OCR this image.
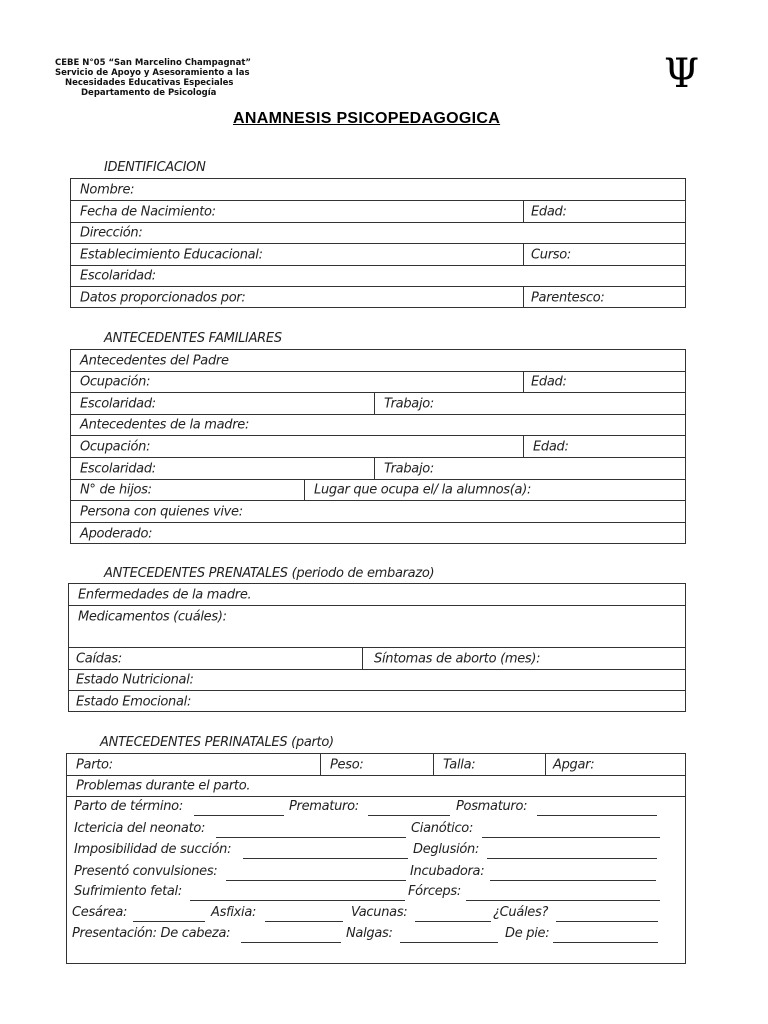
CEBE N°05 “San Marcelino Champagnat”
Servicio de Apoyo y Asesoramiento a las
Necesidades Educativas Especiales
Departamento de Psicología	Ψ
ANAMNESIS PSICOPEDAGOGICA
IDENTIFICACION
Nombre:
Fecha de Nacimiento:	Edad:
Dirección:
Establecimiento Educacional:	Curso:
Escolaridad:
Datos proporcionados por:	Parentesco:
ANTECEDENTES FAMILIARES
Antecedentes del Padre
Ocupación:	Edad:
Escolaridad:	Trabajo:
Antecedentes de la madre:
Ocupación:	Edad:
Escolaridad:	Trabajo:
N° de hijos:	Lugar que ocupa el/ la alumnos(a):
Persona con quienes vive:
Apoderado:
ANTECEDENTES PRENATALES (periodo de embarazo)
Enfermedades de la madre.
Medicamentos (cuáles):
Caídas:	Síntomas de aborto (mes):
Estado Nutricional:
Estado Emocional:
ANTECEDENTES PERINATALES (parto)
Parto:	Peso:	Talla:	Apgar:
Problemas durante el parto.
Parto de término:	Prematuro:	Posmaturo:
Ictericia del neonato:	Cianótico:
Imposibilidad de succión:	Deglusión:
Presentó convulsiones:	Incubadora:
Sufrimiento fetal:	Fórceps:
Cesárea:	Asfixia:	Vacunas:	¿Cuáles?
Presentación: De cabeza:	Nalgas:	De pie:
